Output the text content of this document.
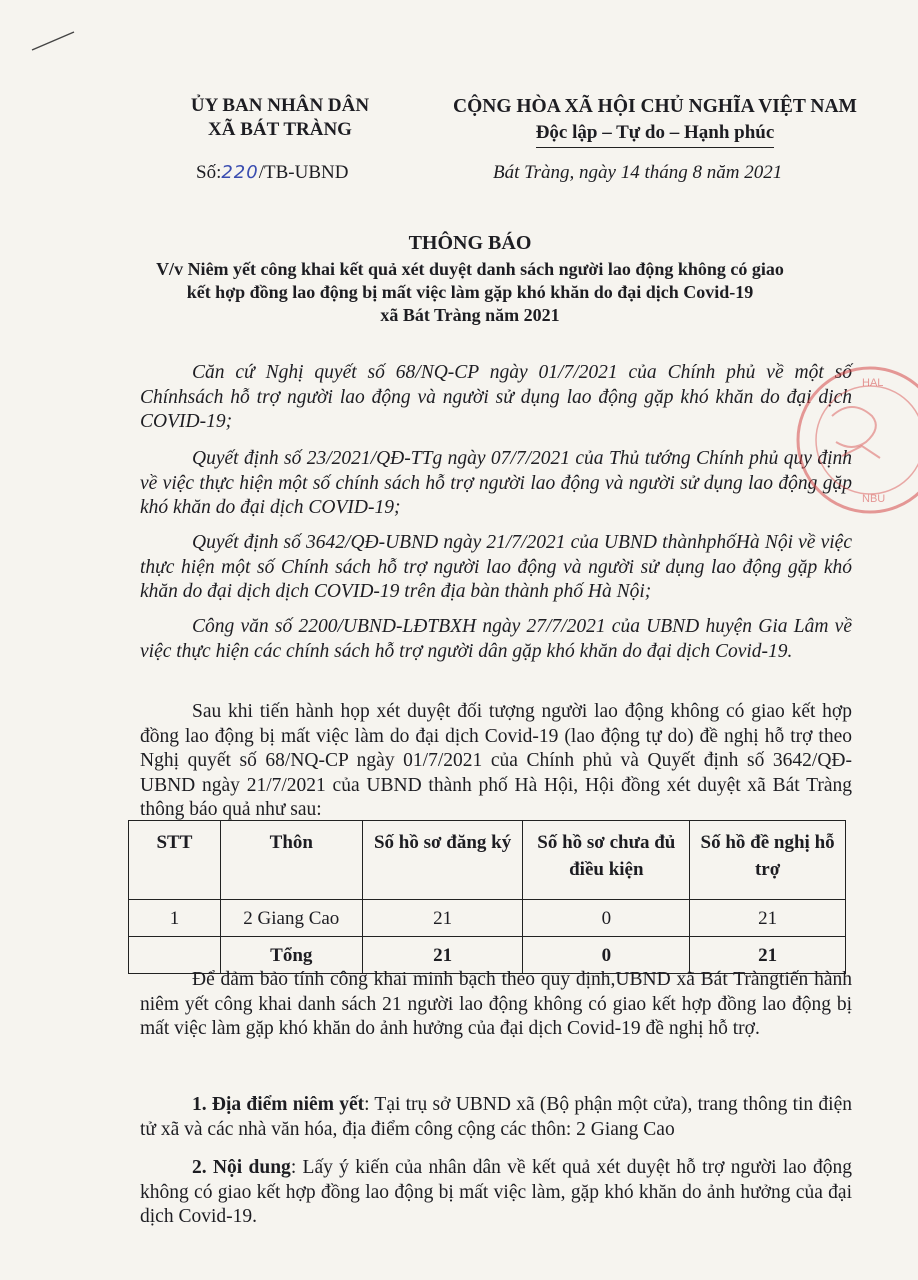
ỦY BAN NHÂN DÂN
XÃ BÁT TRÀNG
CỘNG HÒA XÃ HỘI CHỦ NGHĨA VIỆT NAM
Độc lập – Tự do – Hạnh phúc
Số:220/TB-UBND	Bát Tràng, ngày 14 tháng 8 năm 2021
THÔNG BÁO
V/v Niêm yết công khai kết quả xét duyệt danh sách người lao động không có giao
kết hợp đồng lao động bị mất việc làm gặp khó khăn do đại dịch Covid-19
xã Bát Tràng năm 2021

Căn cứ Nghị quyết số 68/NQ-CP ngày 01/7/2021 của Chính phủ về một số Chínhsách hỗ trợ người lao động và người sử dụng lao động gặp khó khăn do đại dịch COVID-19;

Quyết định số 23/2021/QĐ-TTg ngày 07/7/2021 của Thủ tướng Chính phủ quy định về việc thực hiện một số chính sách hỗ trợ người lao động và người sử dụng lao động gặp khó khăn do đại dịch COVID-19;

Quyết định số 3642/QĐ-UBND ngày 21/7/2021 của UBND thànhphốHà Nội về việc thực hiện một số Chính sách hỗ trợ người lao động và người sử dụng lao động gặp khó khăn do đại dịch dịch COVID-19 trên địa bàn thành phố Hà Nội;

Công văn số 2200/UBND-LĐTBXH ngày 27/7/2021 của UBND huyện Gia Lâm về việc thực hiện các chính sách hỗ trợ người dân gặp khó khăn do đại dịch Covid-19.

Sau khi tiến hành họp xét duyệt đối tượng người lao động không có giao kết hợp đồng lao động bị mất việc làm do đại dịch Covid-19 (lao động tự do) đề nghị hỗ trợ theo Nghị quyết số 68/NQ-CP ngày 01/7/2021 của Chính phủ và Quyết định số 3642/QĐ-UBND ngày 21/7/2021 của UBND thành phố Hà Hội, Hội đồng xét duyệt xã Bát Tràng thông báo quả như sau:

STT	Thôn	Số hồ sơ đăng ký	Số hồ sơ chưa đủ điều kiện	Số hồ đề nghị hỗ trợ
1	2 Giang Cao	21	0	21
	Tổng	21	0	21

Để đảm bảo tính công khai minh bạch theo quy định,UBND xã Bát Tràngtiến hành niêm yết công khai danh sách 21 người lao động không có giao kết hợp đồng lao động bị mất việc làm gặp khó khăn do ảnh hưởng của đại dịch Covid-19 đề nghị hỗ trợ.

1. Địa điểm niêm yết: Tại trụ sở UBND xã (Bộ phận một cửa), trang thông tin điện tử xã và các nhà văn hóa, địa điểm công cộng các thôn: 2 Giang Cao

2. Nội dung: Lấy ý kiến của nhân dân về kết quả xét duyệt hỗ trợ người lao động không có giao kết hợp đồng lao động bị mất việc làm, gặp khó khăn do ảnh hưởng của đại dịch Covid-19.

HAL
NBU
